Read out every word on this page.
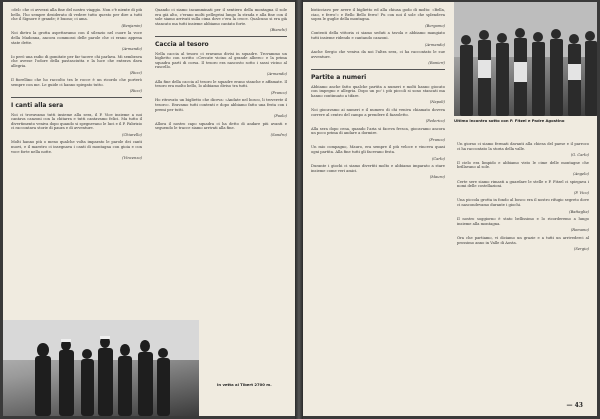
«del» che ci avvezzi alla fine del nostro viaggio. Non c'è niente di più bello, l'ho sempre desiderato di vedere tutto questo per dire a tutti che il Signore è grande; è buono; ci ama.

(Benjamin)

Noi dietro la grotta aspettavamo con il silenzio nel cuore la voce della Madonna, ancora commossi delle parole che ci erano appena state dette.

(Armando)

Io però una radio di gomitate per far tacere chi parlava. Mi sembrava che avesse l'odore della pastasciutta e la luce che entrava dava allegria.

(Ricci)

Il fiorellino che ho raccolto tra le rocce è un ricordo che porterò sempre con me. Le guide ci hanno spiegato tutto.

(Ricci)
I canti alla sera

Noi ci trovavamo tutti insieme alla sera, il P. Vice insieme a noi cantava canzoni con la chitarra e tutti cantavamo felici. Ma tutto il divertimento veniva dopo quando si spegnevano le luci e il P. Fabrizio ci raccontava storie di paura e di avventure.

(Chiarello)

Molti hanno più o meno qualche volta imparato le parole dei canti nuovi, e il maestro ci insegnava i canti di montagna con gioia e con voce forte nella notte.

(Vincenzo)

Quando ci siamo incamminati per il sentiero della montagna il sole era già alto, c'erano molti pellegrini lungo la strada e alla fine con il sole siamo arrivati sulla cima dove c'era la croce. Qualcuno si era già stancato ma tutti insieme abbiamo cantato forte.

(Bianchi)
Caccia al tesoro

Nella caccia al tesoro ci eravamo divisi in squadre. Trovammo un biglietto con scritto «Cercate vicino al grande albero» e la prima squadra partì di corsa. Il tesoro era nascosto sotto i sassi vicino al ruscello.

(Armando)

Alla fine della caccia al tesoro le squadre erano stanche e affamate. Il tesoro era molto bello, lo abbiamo diviso tra tutti.

(Franco)

Ho ritrovato un biglietto che diceva: «Andate nel bosco, li troverete il tesoro». Eravamo tutti contenti e dopo abbiamo fatto una festa con i premi per tutti.

(Paolo)

Allora il nostro capo squadra ci ha detto di andare più avanti e seguendo le tracce siamo arrivati alla fine.

(Sandro)
In vetta al Tibert 2700 m.

bisticciavo per avere il biglietto ed alla chiusa godo di molto: «Bella, ciao, e ferro!» e Bello Bello ferro! Fu con noi il sole che splendeva sopra le guglie della montagna.

(Bergamo)

Contenti della vittoria ci siamo seduti a tavola e abbiamo mangiato tutti insieme ridendo e cantando canzoni.

(Armando)

Anche Sergio che veniva da noi l'altra sera, ci ha raccontato le sue avventure.

(Ranieri)
Partite a numeri

Abbiamo anche fatto qualche partita a numeri e molti hanno giocato con impegno e allegria. Dopo un po' i più piccoli si sono stancati ma hanno continuato a tifare.

(Napoli)

Noi giocavamo ai numeri e il numero di chi veniva chiamato doveva correre al centro del campo a prendere il fazzoletto.

(Federico)

Alla sera dopo cena, quando l'aria si faceva fresca, giocavamo ancora un poco prima di andare a dormire.

(Franco)

Un mio compagno, Mauro, era sempre il più veloce e vinceva quasi ogni partita. Alla fine tutti gli facevano festa.

(Carlo)

Durante i giochi ci siamo divertiti molto e abbiamo imparato a stare insieme come veri amici.

(Mauro)
Ultimo incontro sotto con P. Fitzel e Padre Agostino

Un giorno ci siamo fermati davanti alla chiesa del paese e il parroco ci ha raccontato la storia della valle.

(G. Carlo)

Il cielo era limpido e abbiamo visto le cime delle montagne che brillavano al sole.

(Angelo)

Certe sere siamo rimasti a guardare le stelle e P. Fitzel ci spiegava i nomi delle costellazioni.

(P. Vico)

Una piccola grotta in fondo al bosco era il nostro rifugio segreto dove ci nascondevamo durante i giochi.

(Battaglia)

Il nostro soggiorno è stato bellissimo e lo ricorderemo a lungo insieme alla montagna.

(Romano)

Ora che partiamo, vi diciamo un grazie e a tutti un arrivederci al prossimo anno in Valle di Aosta.

(Sergio)
— 43
